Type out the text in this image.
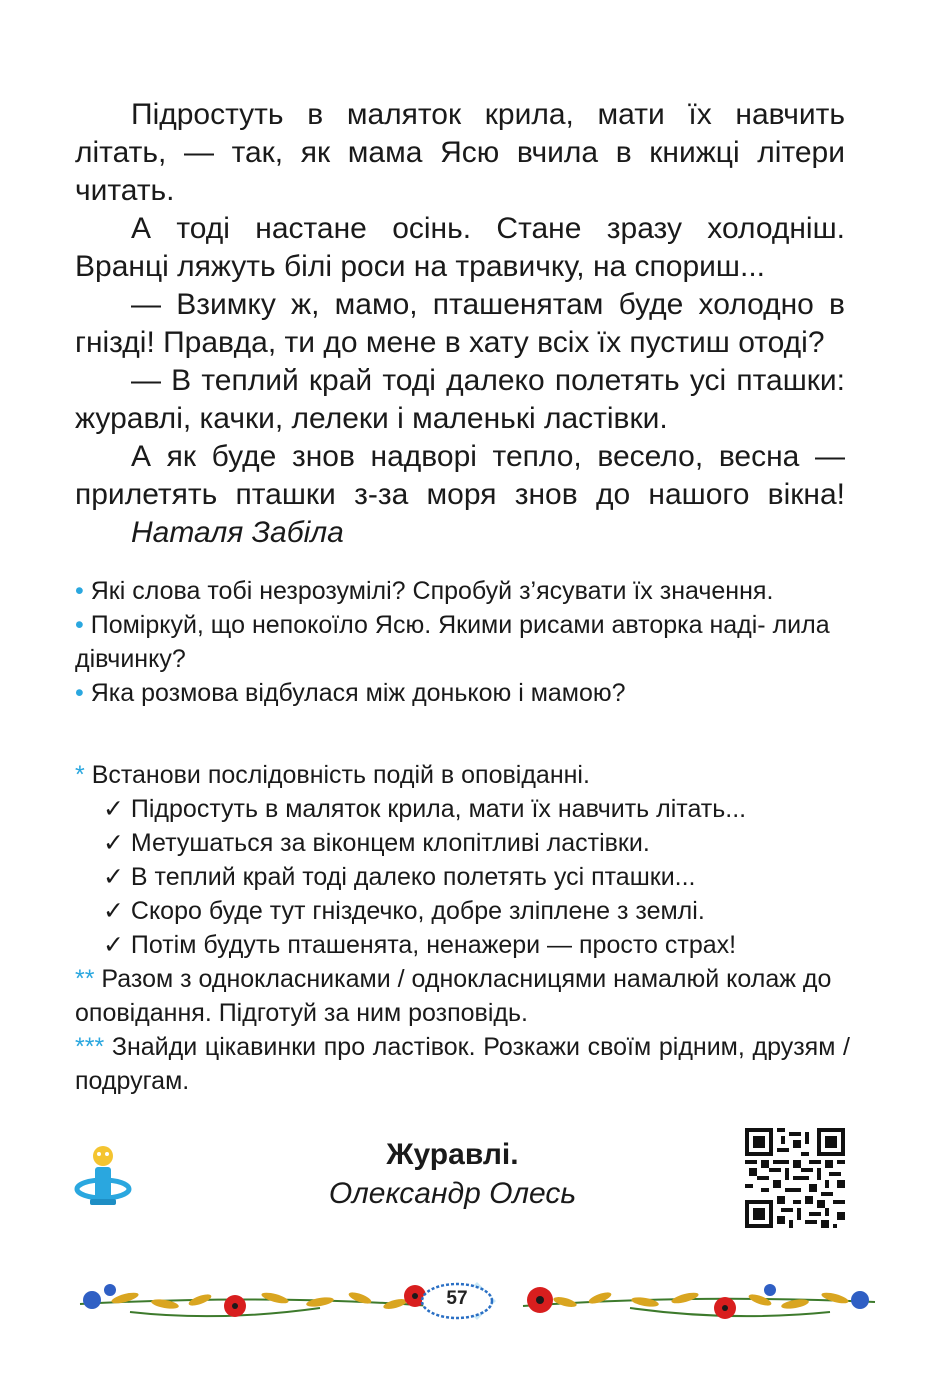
Підростуть в маляток крила, мати їх навчить літать, — так, як мама Ясю вчила в книжці літери читать.

А тоді настане осінь. Стане зразу холодніш. Вранці ляжуть білі роси на травичку, на спориш...

— Взимку ж, мамо, пташенятам буде холодно в гнізді! Правда, ти до мене в хату всіх їх пустиш отоді?

— В теплий край тоді далеко полетять усі пташки: журавлі, качки, лелеки і маленькі ластівки.

А як буде знов надворі тепло, весело, весна — прилетять пташки з-за моря знов до нашого вікна!

Наталя Забіла

• Які слова тобі незрозумілі? Спробуй з’ясувати їх значення.

• Поміркуй, що непокоїло Ясю. Якими рисами авторка наді- лила дівчинку?

• Яка розмова відбулася між донькою і мамою?

* Встанови послідовність подій в оповіданні.

✓ Підростуть в маляток крила, мати їх навчить літать...

✓ Метушаться за віконцем клопітливі ластівки.

✓ В теплий край тоді далеко полетять усі пташки...

✓ Скоро буде тут гніздечко, добре зліплене з землі.

✓ Потім будуть пташенята, ненажери — просто страх!

** Разом з однокласниками / однокласницями намалюй колаж до оповідання. Підготуй за ним розповідь.

*** Знайди цікавинки про ластівок. Розкажи своїм рідним, друзям / подругам.

Журавлі.
Олександр Олесь
57
